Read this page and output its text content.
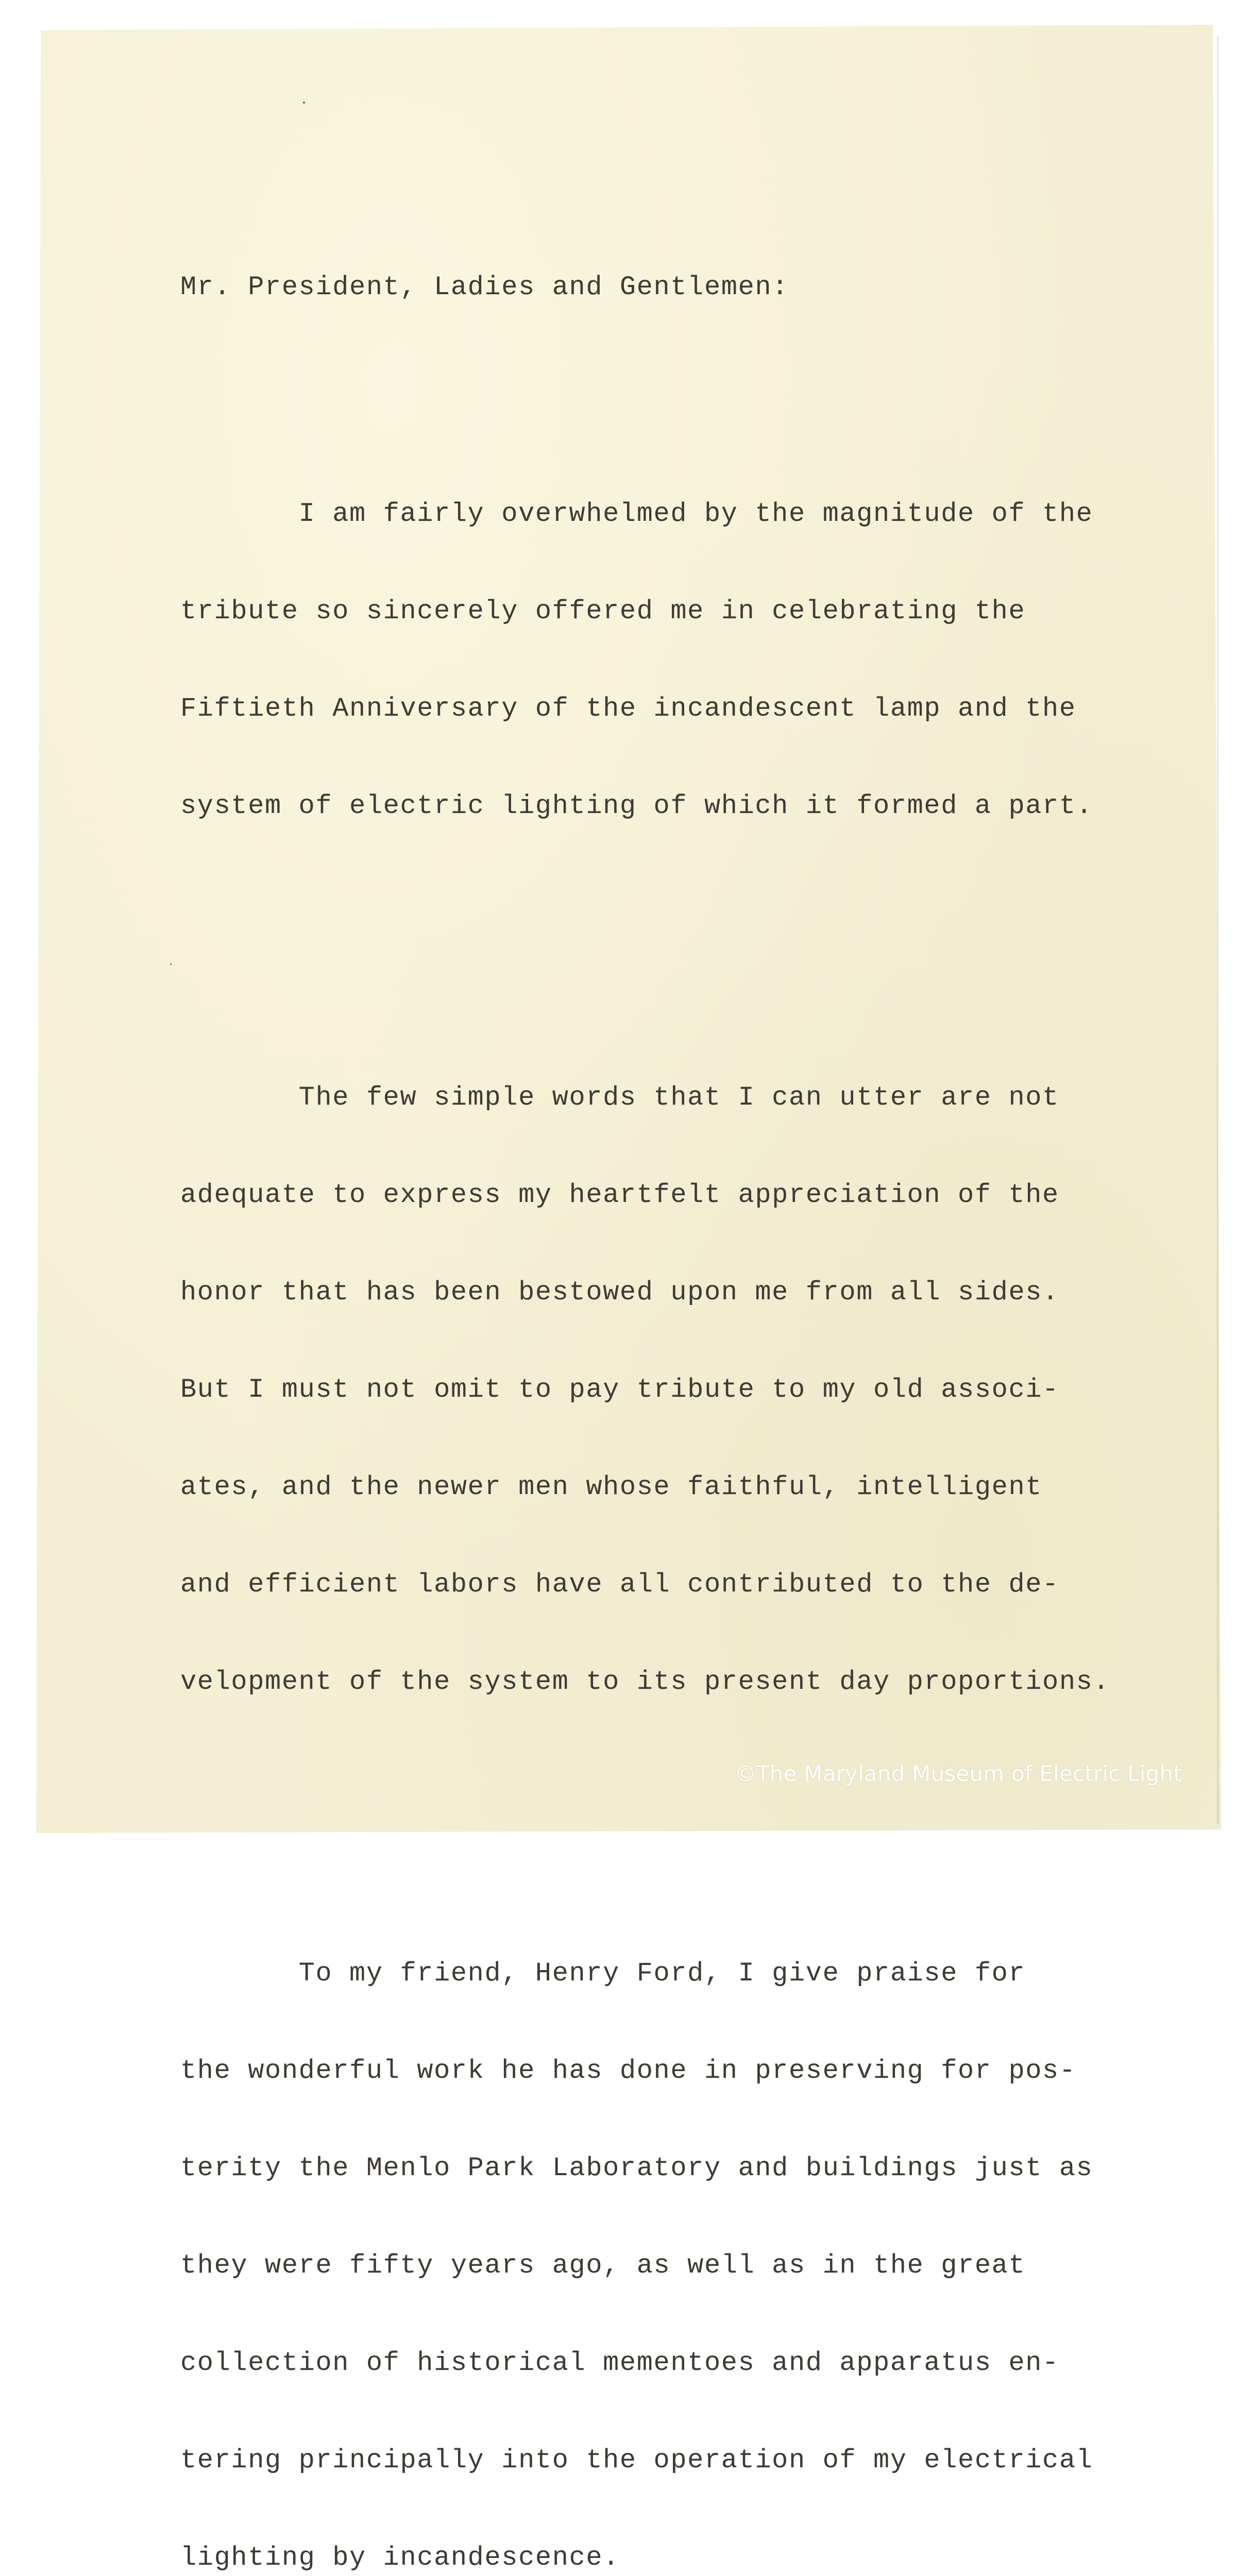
Mr. President, Ladies and Gentlemen:

I am fairly overwhelmed by the magnitude of the

tribute so sincerely offered me in celebrating the

Fiftieth Anniversary of the incandescent lamp and the

system of electric lighting of which it formed a part.

The few simple words that I can utter are not

adequate to express my heartfelt appreciation of the

honor that has been bestowed upon me from all sides.

But I must not omit to pay tribute to my old associ-

ates, and the newer men whose faithful, intelligent

and efficient labors have all contributed to the de-

velopment of the system to its present day proportions.

To my friend, Henry Ford, I give praise for

the wonderful work he has done in preserving for pos-

terity the Menlo Park Laboratory and buildings just as

they were fifty years ago, as well as in the great

collection of historical mementoes and apparatus en-

tering principally into the operation of my electrical

lighting by incandescence.

©The Maryland Museum of Electric Light
